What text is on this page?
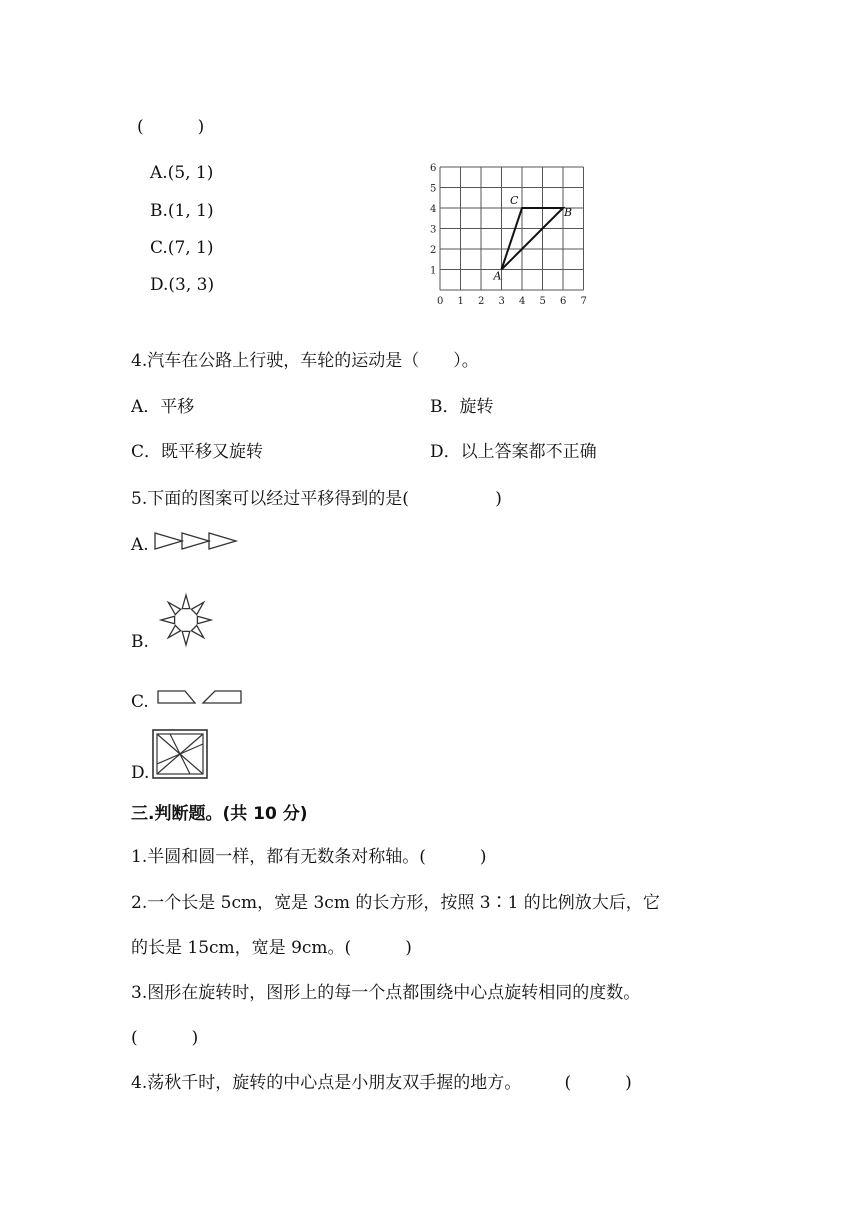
(          )
A.(5, 1)
B.(1, 1)
C.(7, 1)
D.(3, 3)
0 1 2 3 4 5 6 7
1
2
3
4
5
6
A
B
C
4.汽车在公路上行驶，车轮的运动是（　　）。
A．平移	B．旋转
C．既平移又旋转	D．以上答案都不正确
5.下面的图案可以经过平移得到的是(                )
A.
B.
C.
D.
三.判断题。(共 10 分)
1.半圆和圆一样，都有无数条对称轴。(          )
2.一个长是 5cm，宽是 3cm 的长方形，按照 3∶1 的比例放大后，它
的长是 15cm，宽是 9cm。(          )
3.图形在旋转时，图形上的每一个点都围绕中心点旋转相同的度数。
(          )
4.荡秋千时，旋转的中心点是小朋友双手握的地方。        (          )
